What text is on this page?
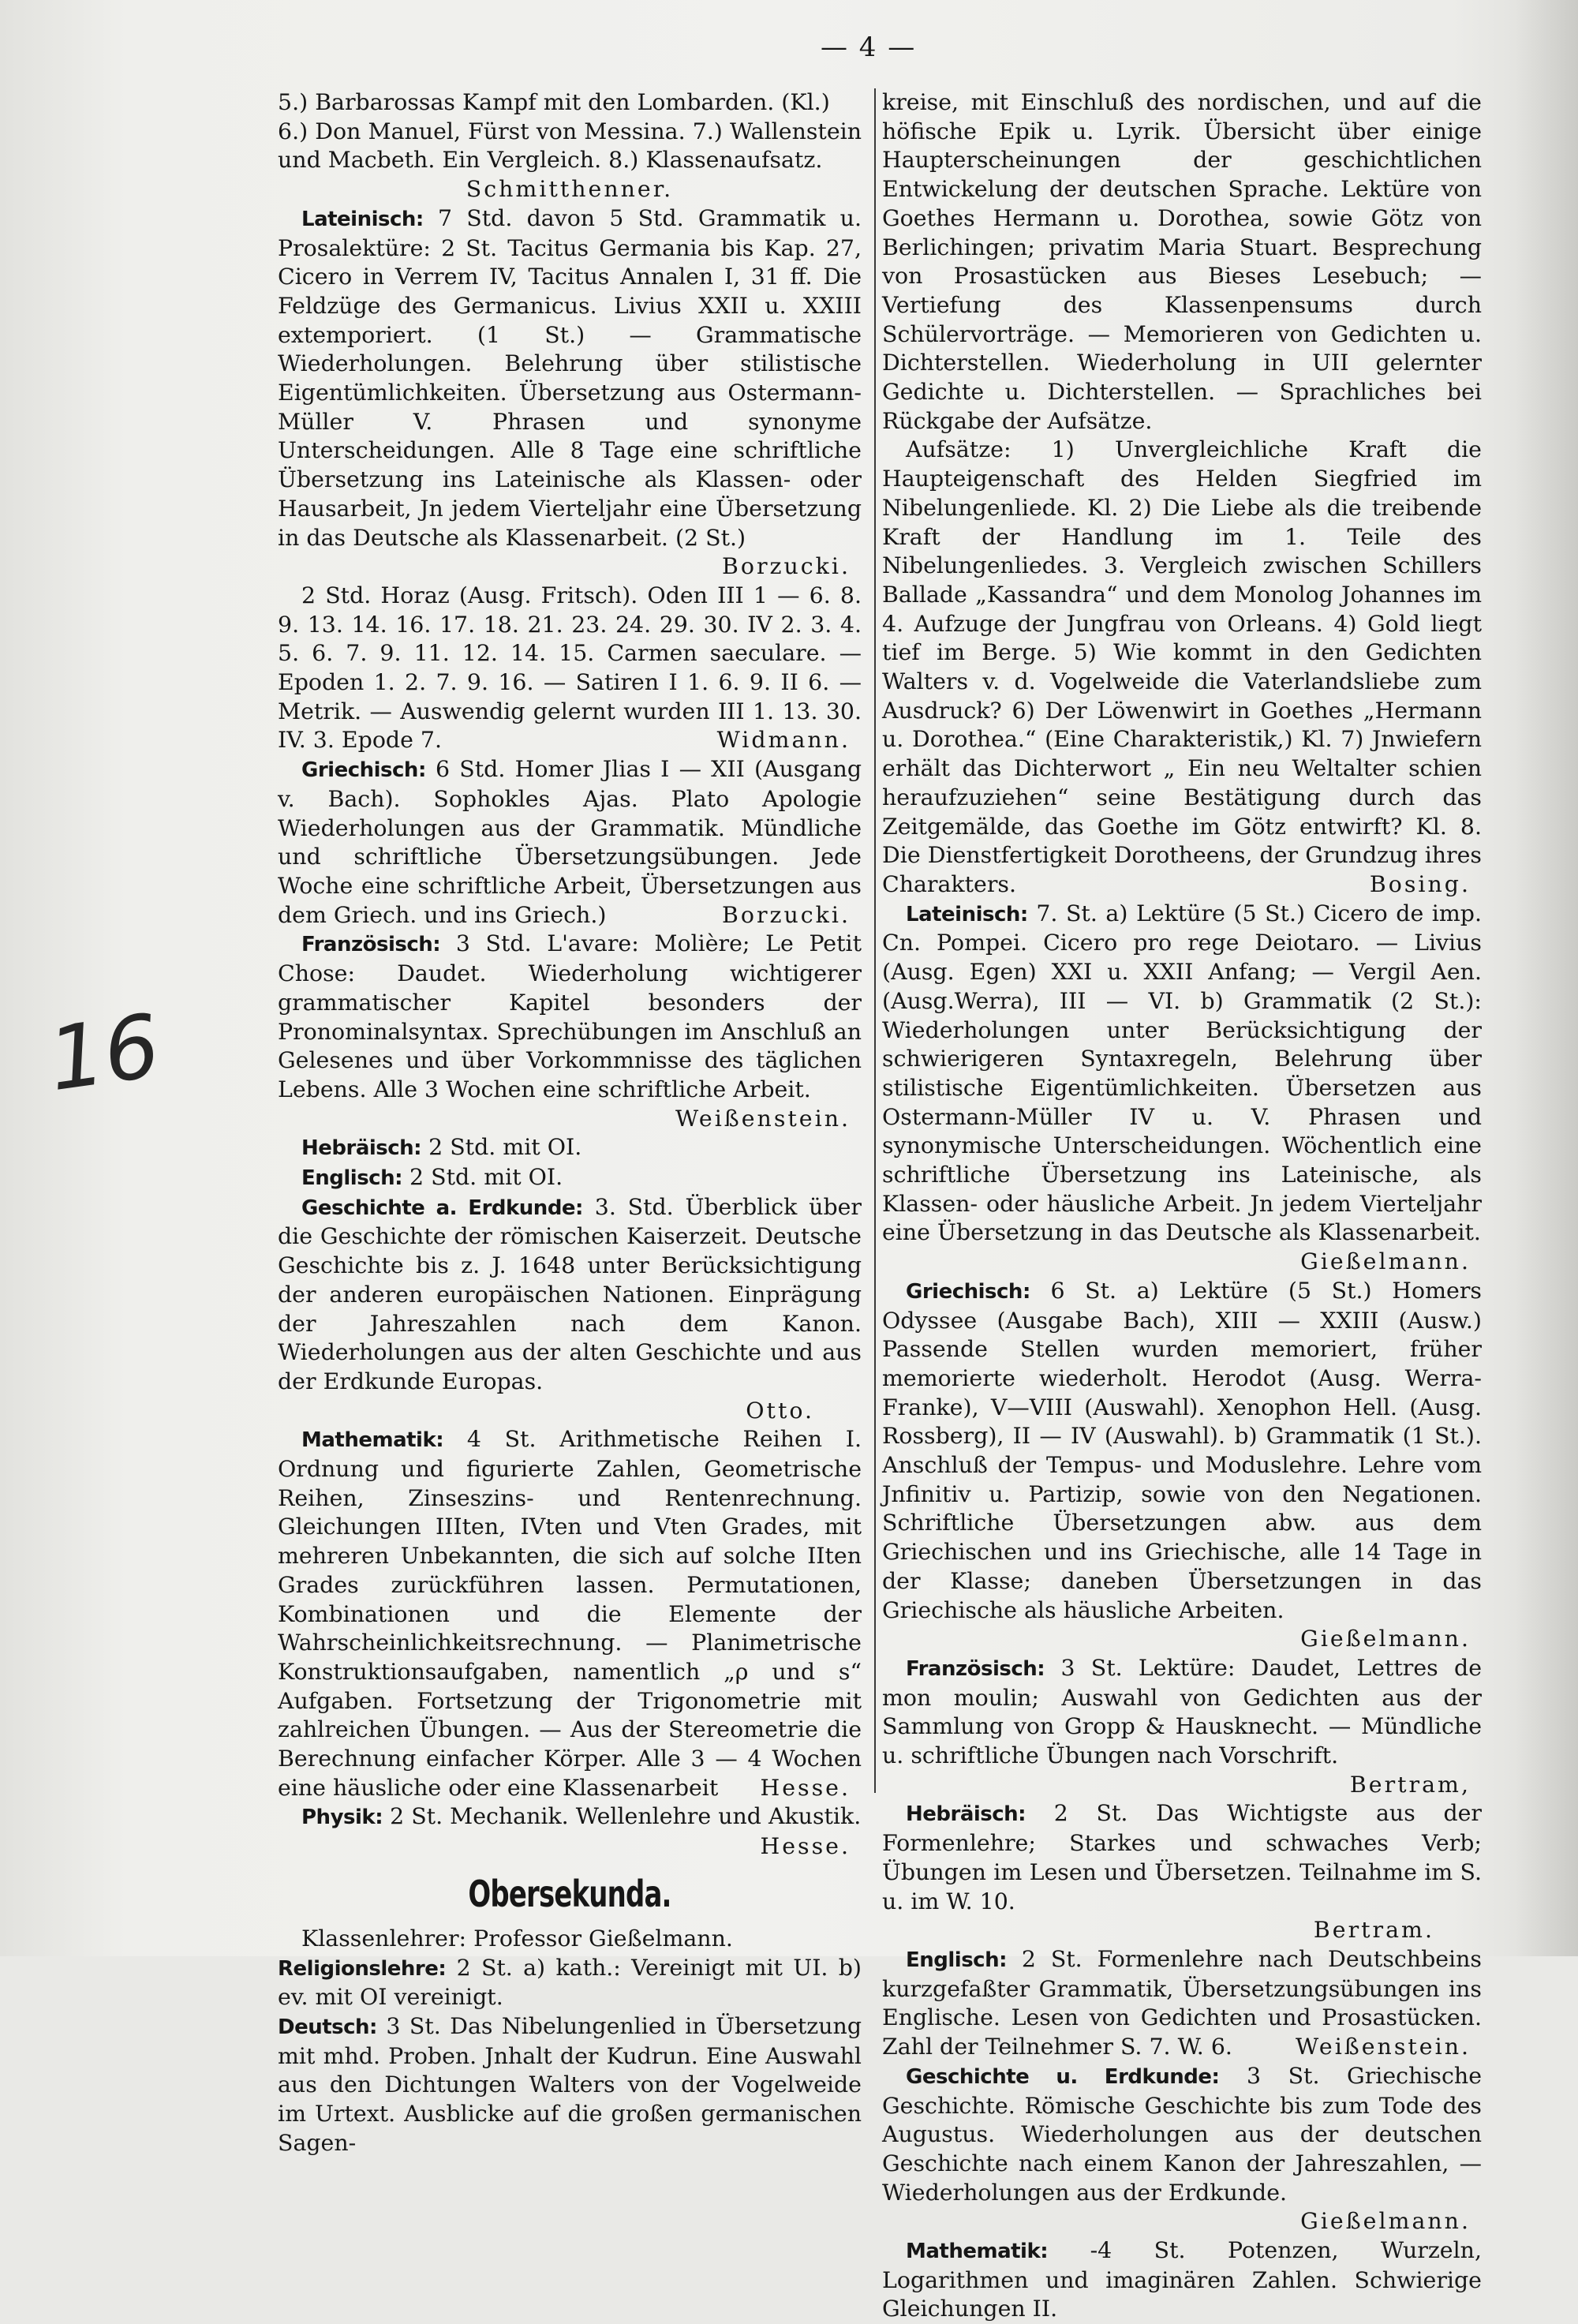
— 4 —
16

5.) Barbarossas Kampf mit den Lombarden. (Kl.)

6.) Don Manuel, Fürst von Messina. 7.) Wallenstein und Macbeth. Ein Vergleich. 8.) Klassenaufsatz.

Schmitthenner.

Lateinisch: 7 Std. davon 5 Std. Grammatik u. Prosalektüre: 2 St. Tacitus Germania bis Kap. 27, Cicero in Verrem IV, Tacitus Annalen I, 31 ff. Die Feldzüge des Germanicus. Livius XXII u. XXIII extemporiert. (1 St.) — Grammatische Wiederholungen. Belehrung über stilistische Eigentümlichkeiten. Übersetzung aus Ostermann-Müller V. Phrasen und synonyme Unterscheidungen. Alle 8 Tage eine schriftliche Übersetzung ins Lateinische als Klassen- oder Hausarbeit, Jn jedem Vierteljahr eine Übersetzung in das Deutsche als Klassenarbeit. (2 St.)
Borzucki.

2 Std. Horaz (Ausg. Fritsch). Oden III 1 — 6. 8. 9. 13. 14. 16. 17. 18. 21. 23. 24. 29. 30. IV 2. 3. 4. 5. 6. 7. 9. 11. 12. 14. 15. Carmen saeculare. — Epoden 1. 2. 7. 9. 16. — Satiren I 1. 6. 9. II 6. — Metrik. — Auswendig gelernt wurden III 1. 13. 30. IV. 3. Epode 7.	Widmann.

Griechisch: 6 Std. Homer Jlias I — XII (Ausgang v. Bach). Sophokles Ajas. Plato Apologie Wiederholungen aus der Grammatik. Mündliche und schriftliche Übersetzungsübungen. Jede Woche eine schriftliche Arbeit, Übersetzungen aus dem Griech. und ins Griech.)	Borzucki.

Französisch: 3 Std. L'avare: Molière; Le Petit Chose: Daudet. Wiederholung wichtigerer grammatischer Kapitel besonders der Pronominalsyntax. Sprechübungen im Anschluß an Gelesenes und über Vorkommnisse des täglichen Lebens. Alle 3 Wochen eine schriftliche Arbeit.
Weißenstein.

Hebräisch: 2 Std. mit OI.

Englisch: 2 Std. mit OI.

Geschichte a. Erdkunde: 3. Std. Überblick über die Geschichte der römischen Kaiserzeit. Deutsche Geschichte bis z. J. 1648 unter Berücksichtigung der anderen europäischen Nationen. Einprägung der Jahreszahlen nach dem Kanon. Wiederholungen aus der alten Geschichte und aus der Erdkunde Europas.

Otto.

Mathematik: 4 St. Arithmetische Reihen I. Ordnung und figurierte Zahlen, Geometrische Reihen, Zinseszins- und Rentenrechnung. Gleichungen IIIten, IVten und Vten Grades, mit mehreren Unbekannten, die sich auf solche IIten Grades zurückführen lassen. Permutationen, Kombinationen und die Elemente der Wahrscheinlichkeitsrechnung. — Planimetrische Konstruktionsaufgaben, namentlich „ρ und s“ Aufgaben. Fortsetzung der Trigonometrie mit zahlreichen Übungen. — Aus der Stereometrie die Berechnung einfacher Körper. Alle 3 — 4 Wochen eine häusliche oder eine Klassenarbeit	Hesse.

Physik: 2 St. Mechanik. Wellenlehre und Akustik.
Hesse.

Obersekunda.

Klassenlehrer: Professor Gießelmann.

Religionslehre: 2 St. a) kath.: Vereinigt mit UI. b) ev. mit OI vereinigt.

Deutsch: 3 St. Das Nibelungenlied in Übersetzung mit mhd. Proben. Jnhalt der Kudrun. Eine Auswahl aus den Dichtungen Walters von der Vogelweide im Urtext. Ausblicke auf die großen germanischen Sagen-

kreise, mit Einschluß des nordischen, und auf die höfische Epik u. Lyrik. Übersicht über einige Haupterscheinungen der geschichtlichen Entwickelung der deutschen Sprache. Lektüre von Goethes Hermann u. Dorothea, sowie Götz von Berlichingen; privatim Maria Stuart. Besprechung von Prosastücken aus Bieses Lesebuch; — Vertiefung des Klassenpensums durch Schülervorträge. — Memorieren von Gedichten u. Dichterstellen. Wiederholung in UII gelernter Gedichte u. Dichterstellen. — Sprachliches bei Rückgabe der Aufsätze.

Aufsätze: 1) Unvergleichliche Kraft die Haupteigenschaft des Helden Siegfried im Nibelungenliede. Kl. 2) Die Liebe als die treibende Kraft der Handlung im 1. Teile des Nibelungenliedes. 3. Vergleich zwischen Schillers Ballade „Kassandra“ und dem Monolog Johannes im 4. Aufzuge der Jungfrau von Orleans. 4) Gold liegt tief im Berge. 5) Wie kommt in den Gedichten Walters v. d. Vogelweide die Vaterlandsliebe zum Ausdruck? 6) Der Löwenwirt in Goethes „Hermann u. Dorothea.“ (Eine Charakteristik,) Kl. 7) Jnwiefern erhält das Dichterwort „ Ein neu Weltalter schien heraufzuziehen“ seine Bestätigung durch das Zeitgemälde, das Goethe im Götz entwirft? Kl. 8. Die Dienstfertigkeit Dorotheens, der Grundzug ihres Charakters.	Bosing.

Lateinisch: 7. St. a) Lektüre (5 St.) Cicero de imp. Cn. Pompei. Cicero pro rege Deiotaro. — Livius (Ausg. Egen) XXI u. XXII Anfang; — Vergil Aen. (Ausg.Werra), III — VI. b) Grammatik (2 St.): Wiederholungen unter Berücksichtigung der schwierigeren Syntaxregeln, Belehrung über stilistische Eigentümlichkeiten. Übersetzen aus Ostermann-Müller IV u. V. Phrasen und synonymische Unterscheidungen. Wöchentlich eine schriftliche Übersetzung ins Lateinische, als Klassen- oder häusliche Arbeit. Jn jedem Vierteljahr eine Übersetzung in das Deutsche als Klassenarbeit.
Gießelmann.

Griechisch: 6 St. a) Lektüre (5 St.) Homers Odyssee (Ausgabe Bach), XIII — XXIII (Ausw.) Passende Stellen wurden memoriert, früher memorierte wiederholt. Herodot (Ausg. Werra-Franke), V—VIII (Auswahl). Xenophon Hell. (Ausg. Rossberg), II — IV (Auswahl). b) Grammatik (1 St.). Anschluß der Tempus- und Moduslehre. Lehre vom Jnfinitiv u. Partizip, sowie von den Negationen. Schriftliche Übersetzungen abw. aus dem Griechischen und ins Griechische, alle 14 Tage in der Klasse; daneben Übersetzungen in das Griechische als häusliche Arbeiten.
Gießelmann.

Französisch: 3 St. Lektüre: Daudet, Lettres de mon moulin; Auswahl von Gedichten aus der Sammlung von Gropp & Hausknecht. — Mündliche u. schriftliche Übungen nach Vorschrift.
Bertram,

Hebräisch: 2 St. Das Wichtigste aus der Formenlehre; Starkes und schwaches Verb; Übungen im Lesen und Übersetzen. Teilnahme im S. u. im W. 10.

Bertram.

Englisch: 2 St. Formenlehre nach Deutschbeins kurzgefaßter Grammatik, Übersetzungsübungen ins Englische. Lesen von Gedichten und Prosastücken. Zahl der Teilnehmer S. 7. W. 6.	Weißenstein.

Geschichte u. Erdkunde: 3 St. Griechische Geschichte. Römische Geschichte bis zum Tode des Augustus. Wiederholungen aus der deutschen Geschichte nach einem Kanon der Jahreszahlen, — Wiederholungen aus der Erdkunde.
Gießelmann.

Mathematik: -4 St. Potenzen, Wurzeln, Logarithmen und imaginären Zahlen. Schwierige Gleichungen II.
